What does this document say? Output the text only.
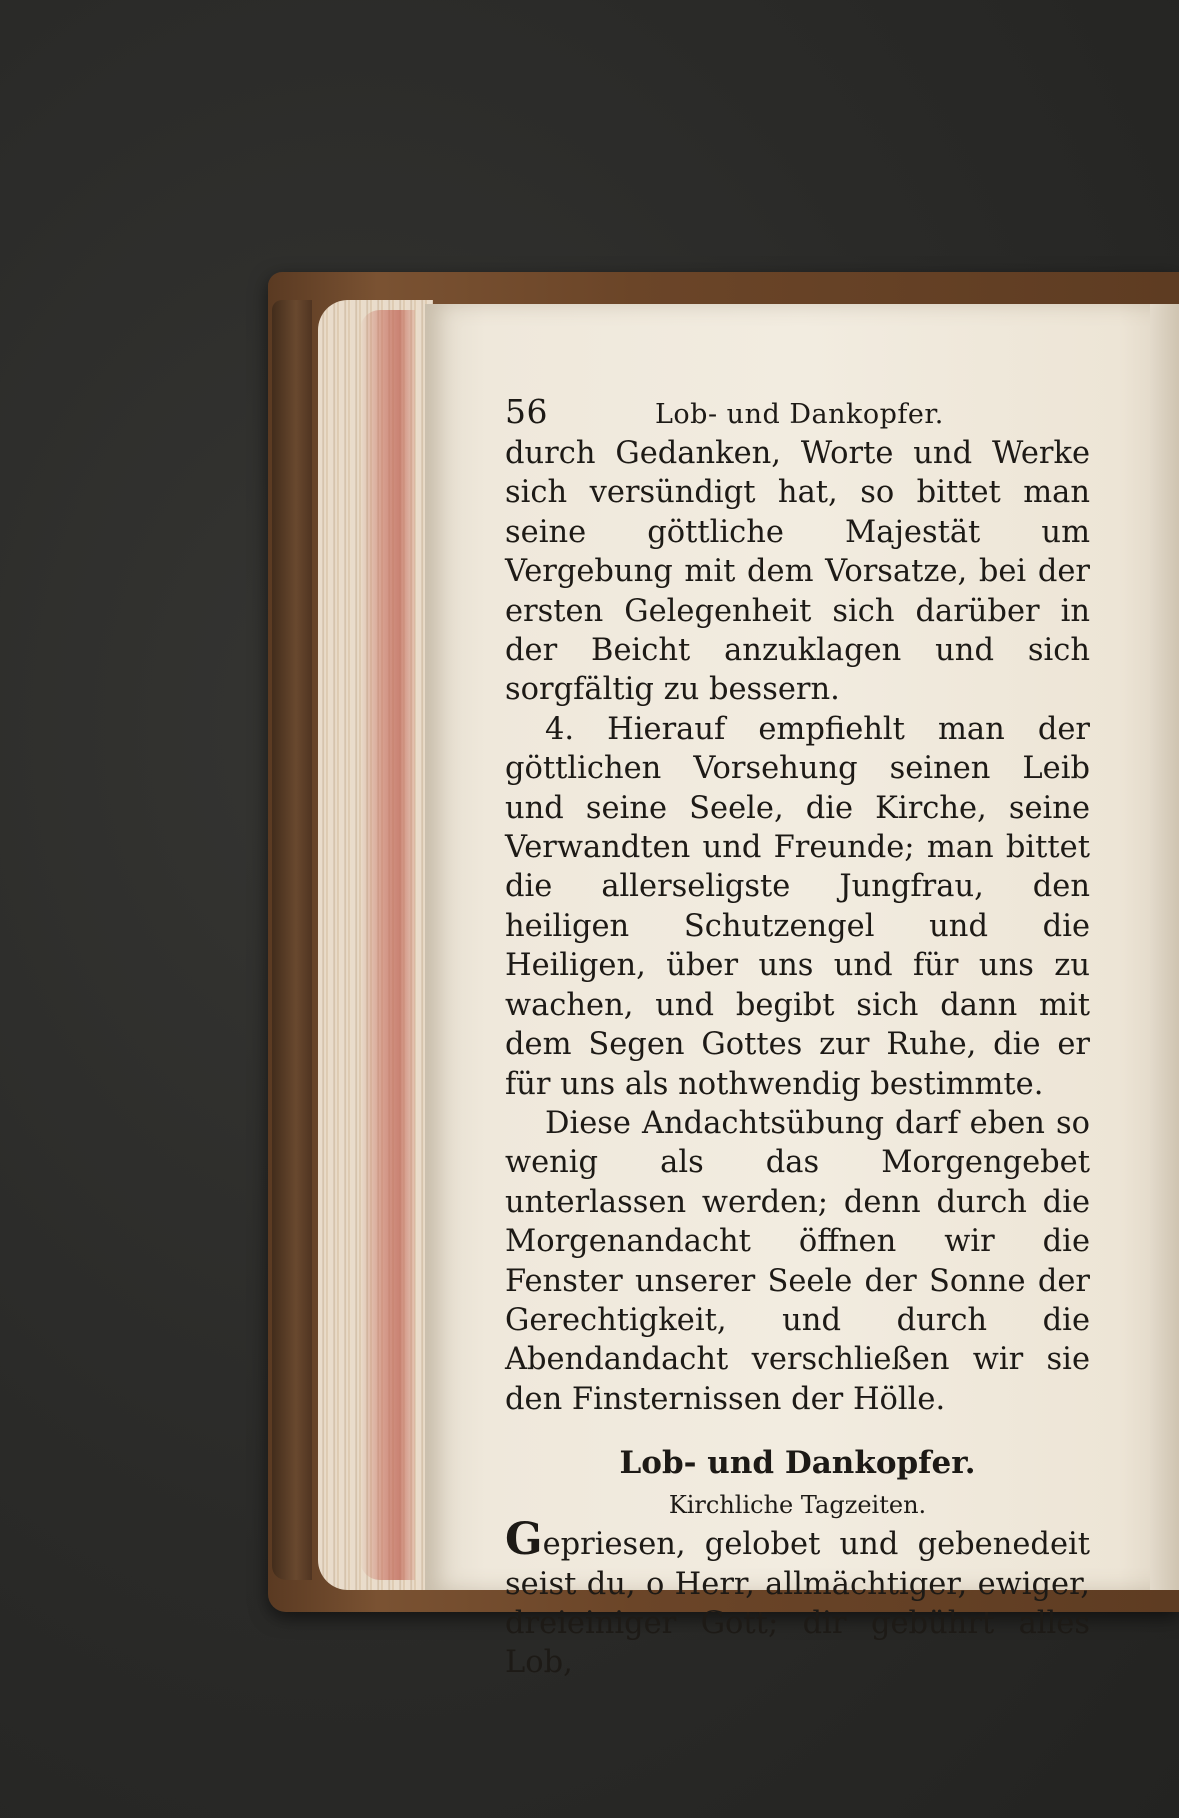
56	Lob- und Dankopfer.

durch Gedanken, Worte und Werke sich versündigt hat, so bittet man seine göttliche Majestät um Vergebung mit dem Vorsatze, bei der ersten Gelegenheit sich darüber in der Beicht anzuklagen und sich sorgfältig zu bessern.

4. Hierauf empfiehlt man der göttlichen Vorsehung seinen Leib und seine Seele, die Kirche, seine Verwandten und Freunde; man bittet die allerseligste Jungfrau, den heiligen Schutzengel und die Heiligen, über uns und für uns zu wachen, und begibt sich dann mit dem Segen Gottes zur Ruhe, die er für uns als nothwendig bestimmte.

Diese Andachtsübung darf eben so wenig als das Morgengebet unterlassen werden; denn durch die Morgenandacht öffnen wir die Fenster unserer Seele der Sonne der Gerechtigkeit, und durch die Abendandacht verschließen wir sie den Finsternissen der Hölle.

Lob- und Dankopfer.
Kirchliche Tagzeiten.

Gepriesen, gelobet und gebenedeit seist du, o Herr, allmächtiger, ewiger, dreieiniger Gott; dir gebührt alles Lob,
